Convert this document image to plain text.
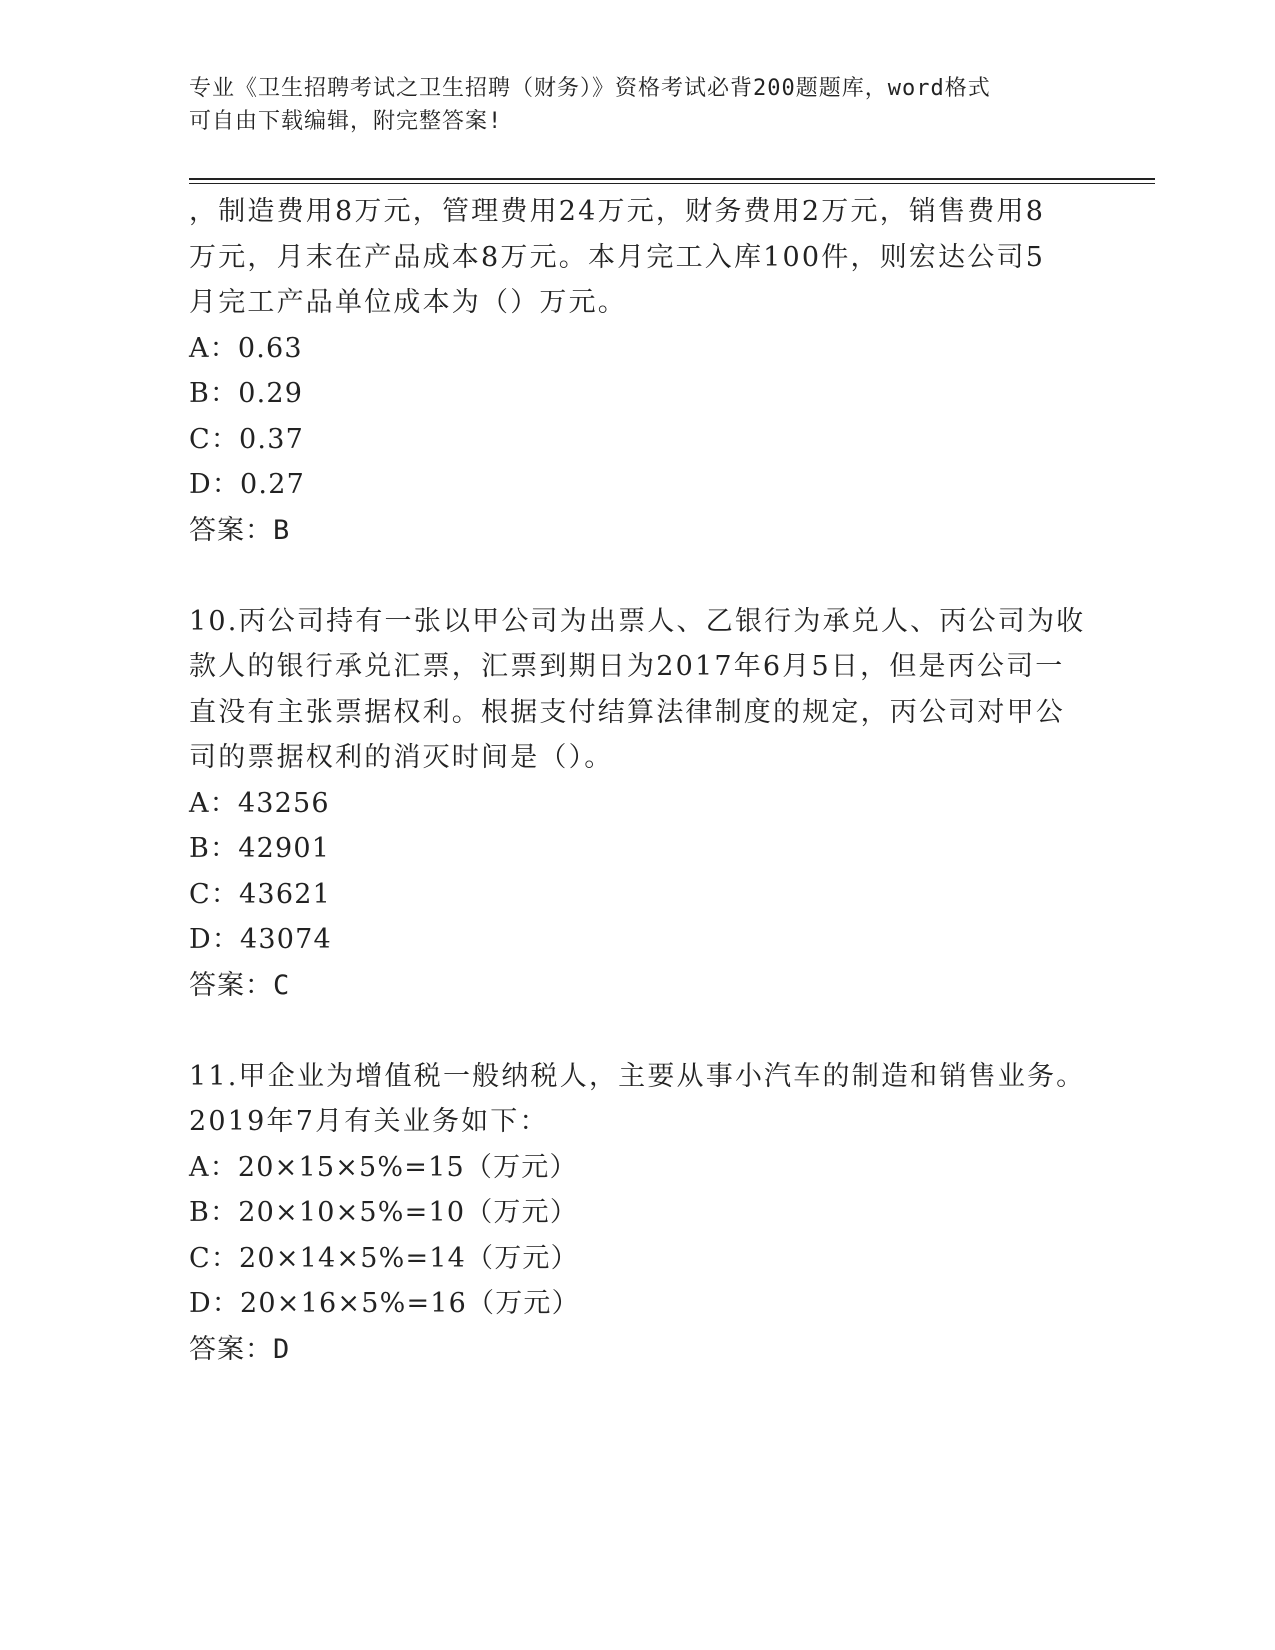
专业《卫生招聘考试之卫生招聘（财务）》资格考试必背200题题库，word格式
可自由下载编辑，附完整答案!
，制造费用8万元，管理费用24万元，财务费用2万元，销售费用8
万元，月末在产品成本8万元。本月完工入库100件，则宏达公司5
月完工产品单位成本为（）万元。
A：0.63
B：0.29
C：0.37
D：0.27
答案：B
10.丙公司持有一张以甲公司为出票人、乙银行为承兑人、丙公司为收
款人的银行承兑汇票，汇票到期日为2017年6月5日，但是丙公司一
直没有主张票据权利。根据支付结算法律制度的规定，丙公司对甲公
司的票据权利的消灭时间是（）。
A：43256
B：42901
C：43621
D：43074
答案：C
11.甲企业为增值税一般纳税人，主要从事小汽车的制造和销售业务。
2019年7月有关业务如下：
A：20×15×5%=15（万元）
B：20×10×5%=10（万元）
C：20×14×5%=14（万元）
D：20×16×5%=16（万元）
答案：D
